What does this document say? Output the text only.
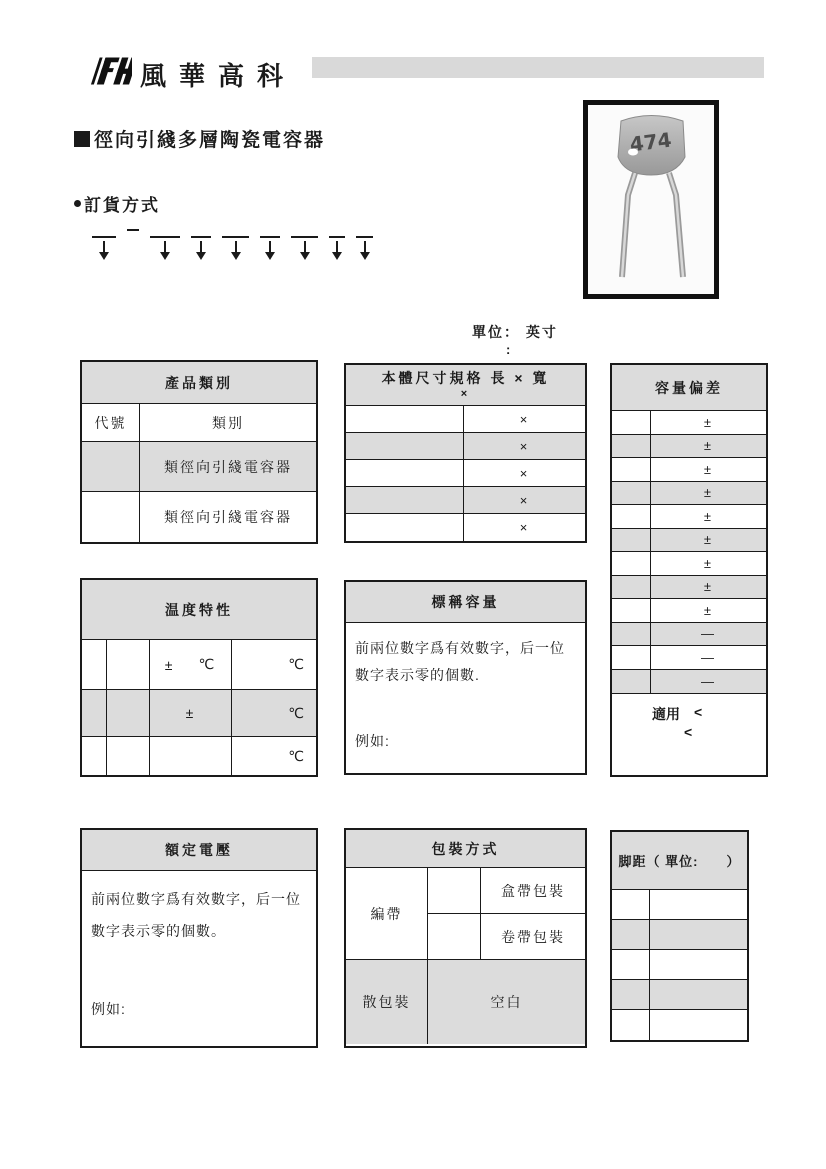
風華高科
474
徑向引綫多層陶瓷電容器
訂貨方式
單位： 英寸
:
產品類別
代號	類別
類徑向引綫電容器
類徑向引綫電容器
本體尺寸規格 長 × 寬
×
×
×
×
×
×
容量偏差
±
±
±
±
±
±
±
±
±
—
—
—
適用 <
<
温度特性
± ℃	℃
±	℃
℃
標稱容量
前兩位數字爲有效數字，后一位數字表示零的個數.
例如:
額定電壓
前兩位數字爲有效數字，后一位數字表示零的個數。
例如:
包裝方式
編帶
盒帶包裝
卷帶包裝
散包裝	空白
脚距（ 單位:　　）
